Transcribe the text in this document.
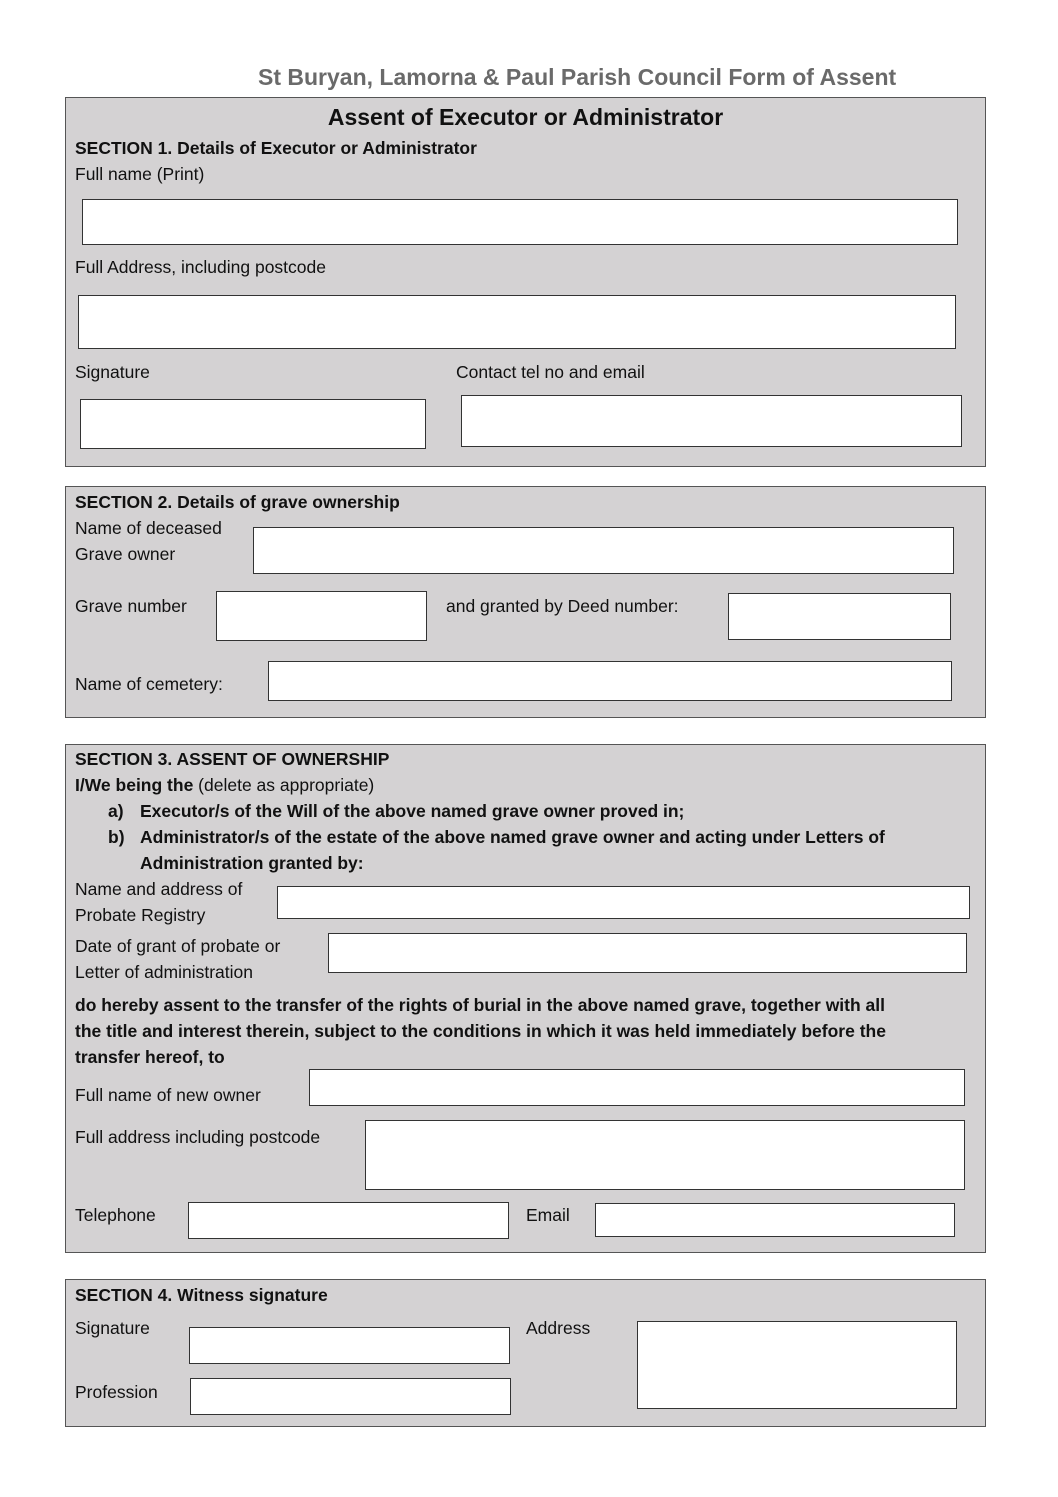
St Buryan, Lamorna & Paul Parish Council Form of Assent
Assent of Executor or Administrator
SECTION 1. Details of Executor or Administrator
Full name (Print)
Full Address, including postcode
Signature	Contact tel no and email
SECTION 2. Details of grave ownership
Name of deceased
Grave owner
Grave number	and granted by Deed number:
Name of cemetery:
SECTION 3. ASSENT OF OWNERSHIP
I/We being the (delete as appropriate)
a) Executor/s of the Will of the above named grave owner proved in;
b) Administrator/s of the estate of the above named grave owner and acting under Letters of
Administration granted by:
Name and address of
Probate Registry
Date of grant of probate or
Letter of administration
do hereby assent to the transfer of the rights of burial in the above named grave, together with all
the title and interest therein, subject to the conditions in which it was held immediately before the
transfer hereof, to
Full name of new owner
Full address including postcode
Telephone	Email
SECTION 4. Witness signature
Signature	Address
Profession
